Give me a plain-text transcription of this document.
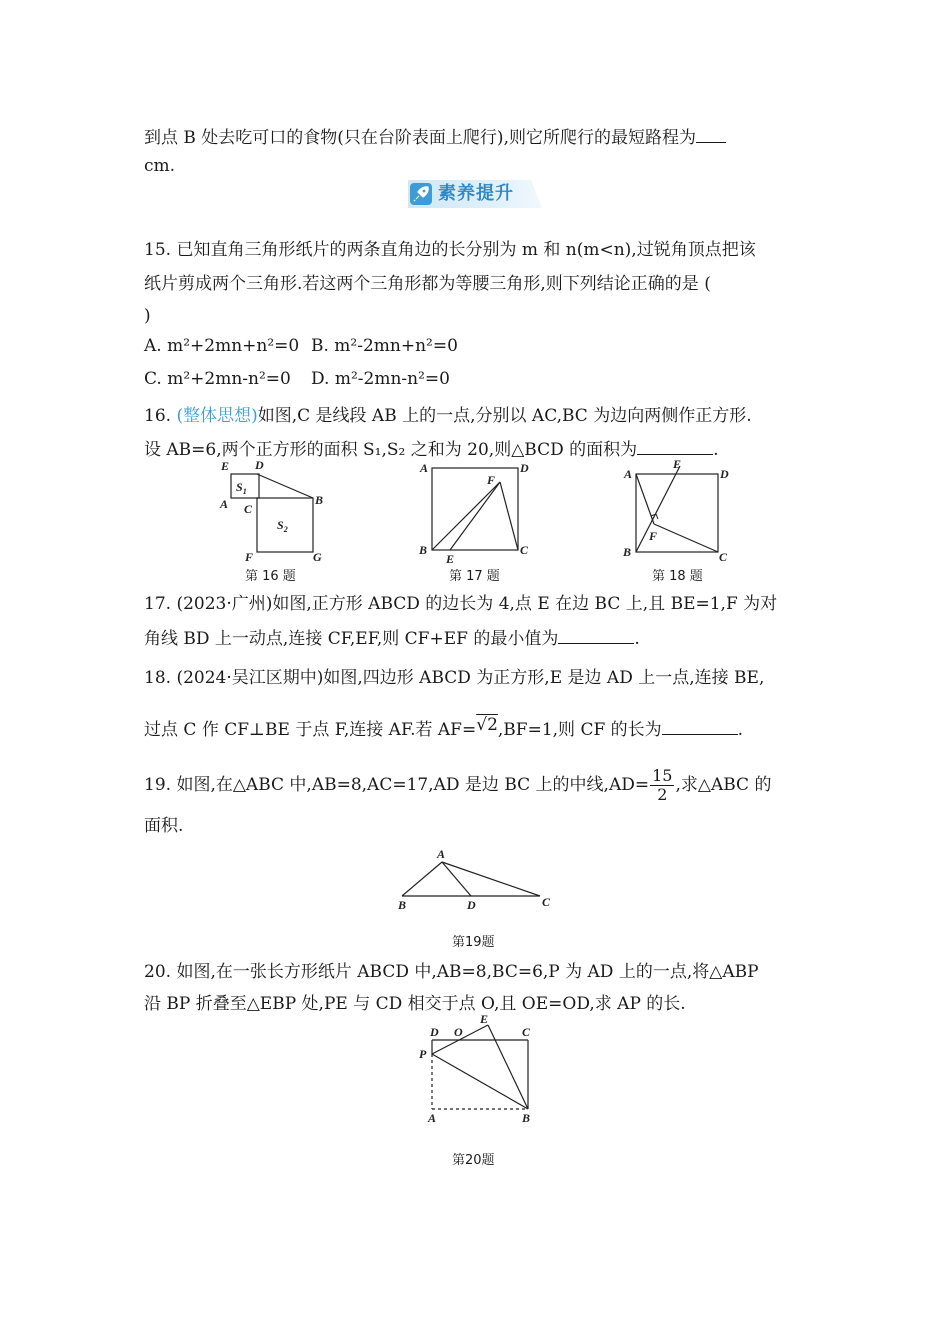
到点 B 处去吃可口的食物(只在台阶表面上爬行),则它所爬行的最短路程为
cm.
素养提升
15. 已知直角三角形纸片的两条直角边的长分别为 m 和 n(m<n),过锐角顶点把该
纸片剪成两个三角形.若这两个三角形都为等腰三角形,则下列结论正确的是 (
)
A. m²+2mn+n²=0 B. m²-2mn+n²=0
C. m²+2mn-n²=0 D. m²-2mn-n²=0
16. (整体思想)如图,C 是线段 AB 上的一点,分别以 AC,BC 为边向两侧作正方形.
设 AB=6,两个正方形的面积 S₁,S₂ 之和为 20,则△BCD 的面积为	.
E D
$S_1$
A C
B
$S_2$
F	G
第 16 题
A	D
F
B
E
C
第 17 题
A
E
D
F
B	C
第 18 题
17. (2023·广州)如图,正方形 ABCD 的边长为 4,点 E 在边 BC 上,且 BE=1,F 为对
角线 BD 上一动点,连接 CF,EF,则 CF+EF 的最小值为	.
18. (2024·吴江区期中)如图,四边形 ABCD 为正方形,E 是边 AD 上一点,连接 BE,
过点 C 作 CF⊥BE 于点 F,连接 AF.若 AF=√2,BF=1,则 CF 的长为	.
19. 如图,在△ABC 中,AB=8,AC=17,AD 是边 BC 上的中线$,AD= \frac{15}{2}$ ,求△ABC 的
面积.
A
B	D	C
第19题
20. 如图,在一张长方形纸片 ABCD 中,AB=8,BC=6,P 为 AD 上的一点,将△ABP
沿 BP 折叠至△EBP 处,PE 与 CD 相交于点 O,且 OE=OD,求 AP 的长.
D O
E
C
P
A	B
第20题
